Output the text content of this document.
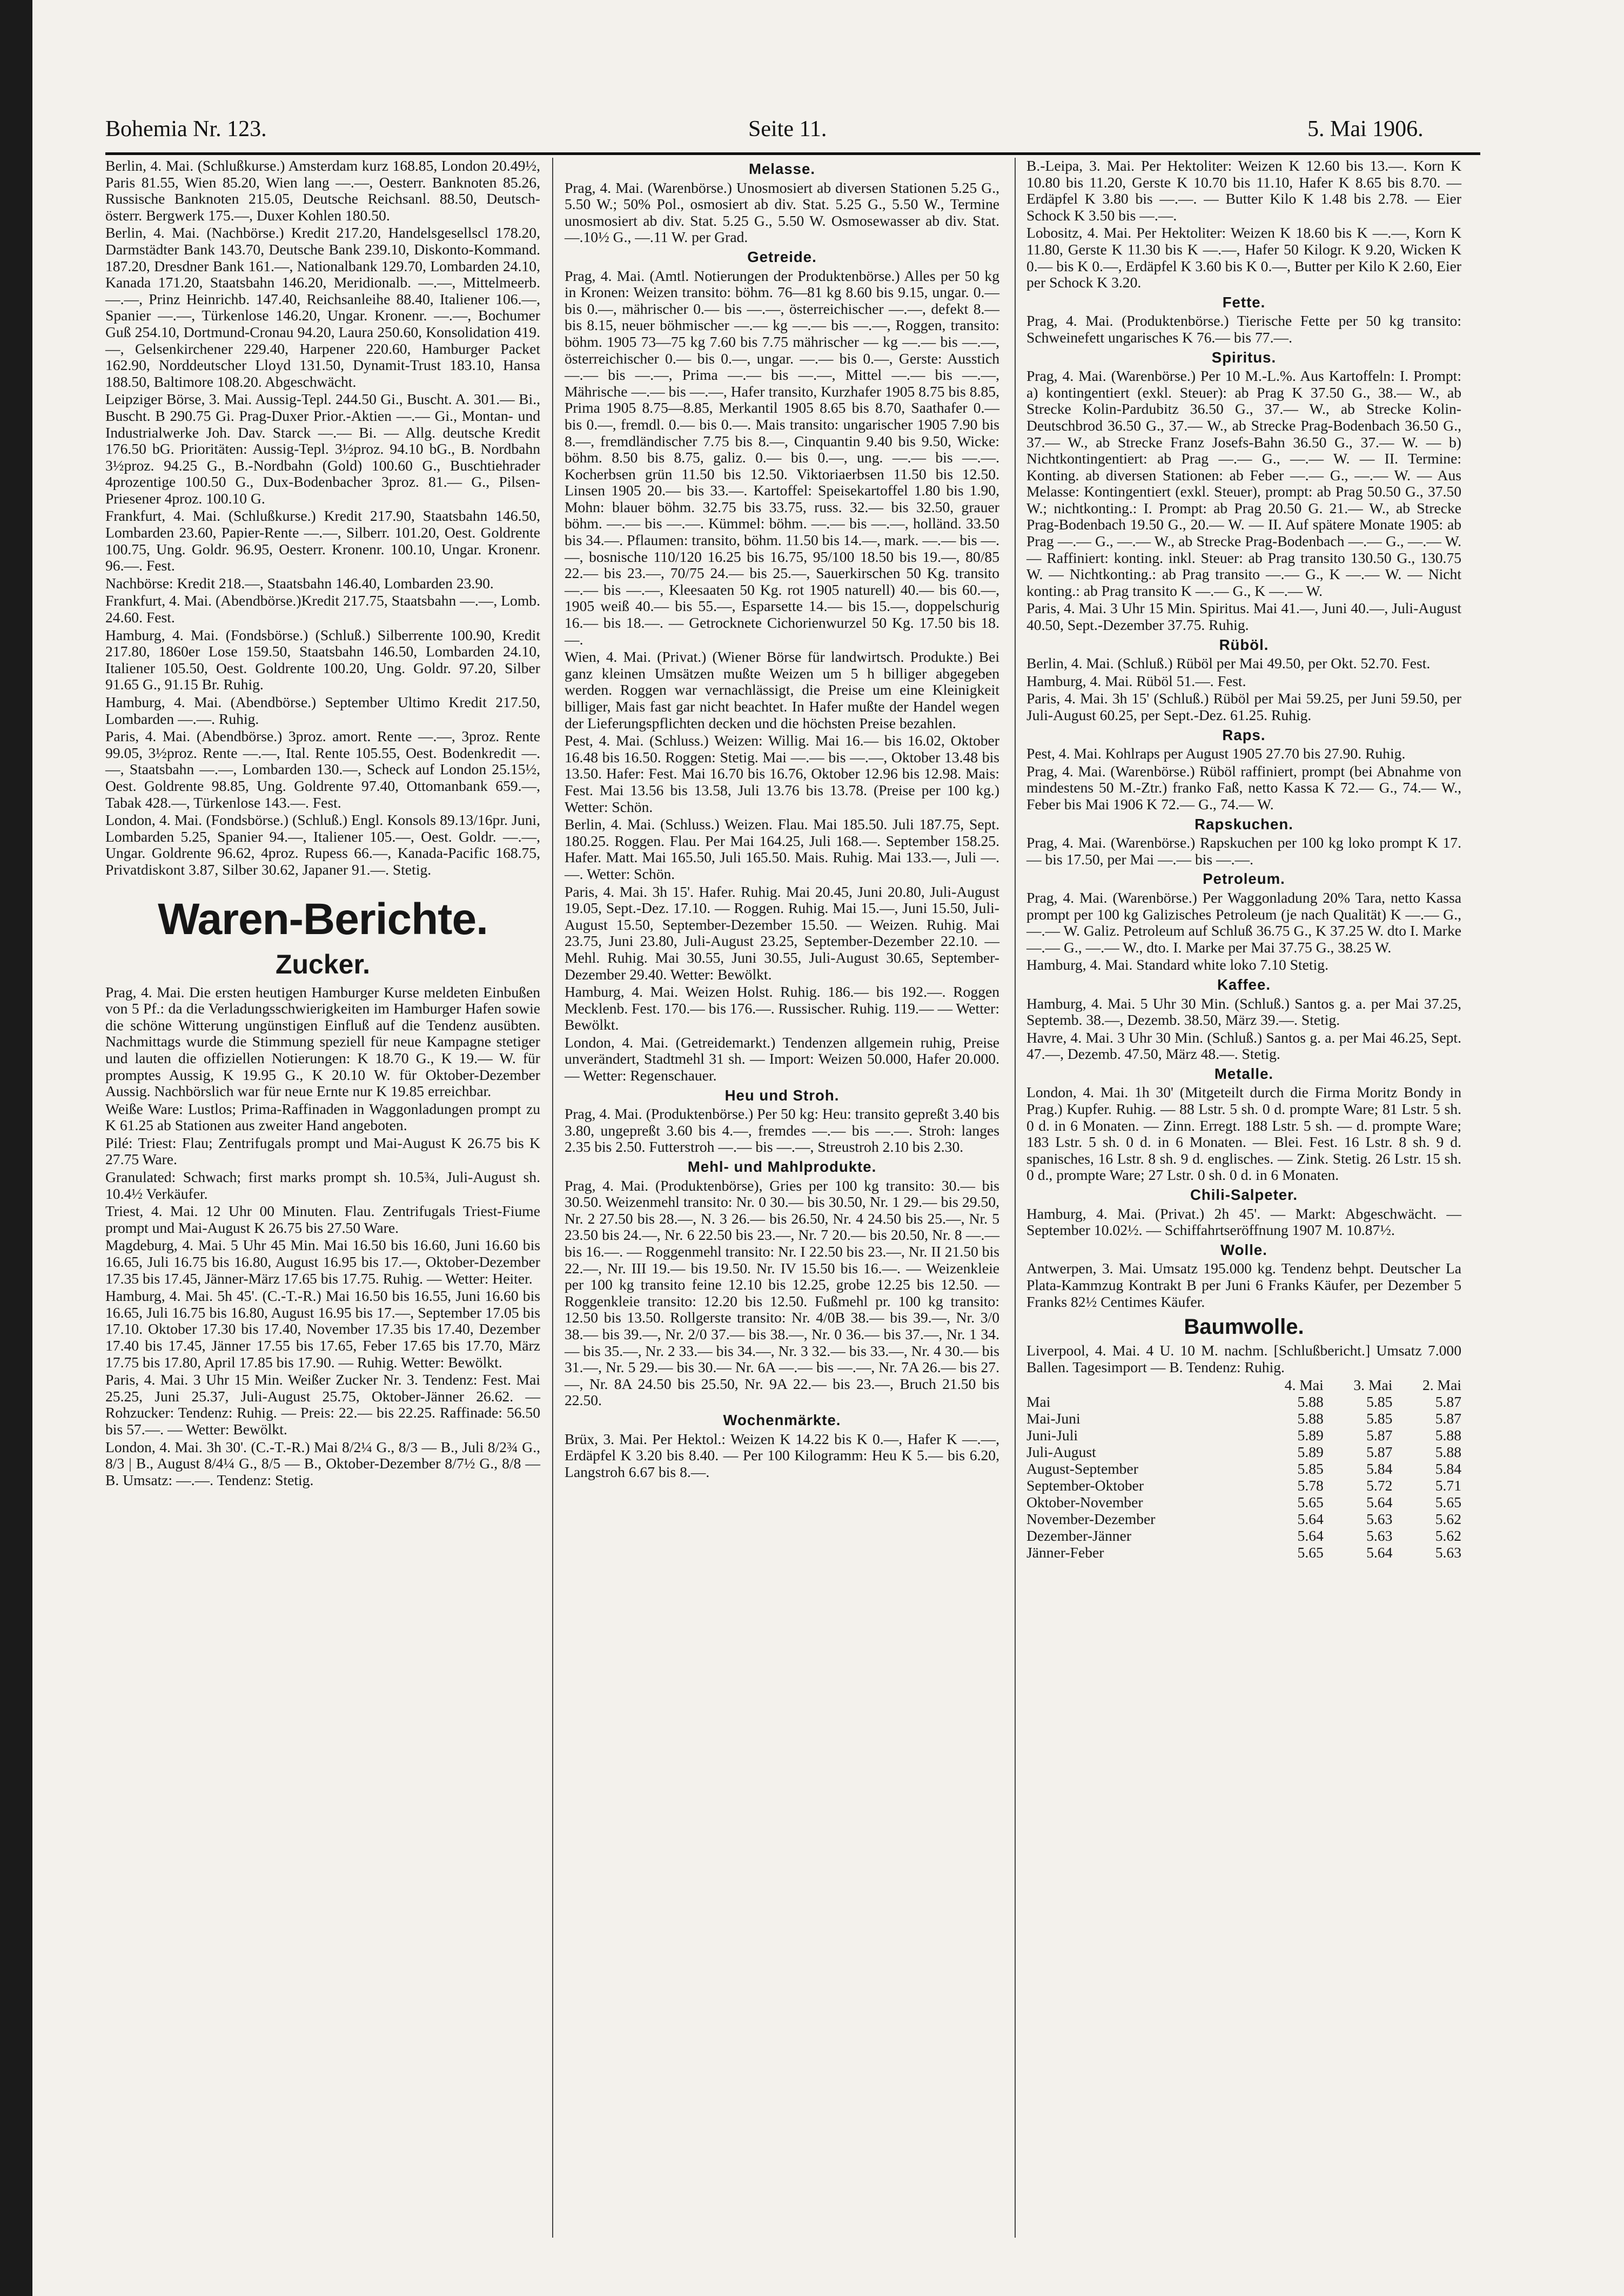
Bohemia Nr. 123.	Seite 11.	5. Mai 1906.

Berlin, 4. Mai. (Schlußkurse.) Amsterdam kurz 168.85, London 20.49½, Paris 81.55, Wien 85.20, Wien lang —.—, Oesterr. Banknoten 85.26, Russische Banknoten 215.05, Deutsche Reichsanl. 88.50, Deutsch-österr. Bergwerk 175.—, Duxer Kohlen 180.50.

Berlin, 4. Mai. (Nachbörse.) Kredit 217.20, Handelsgesellscl 178.20, Darmstädter Bank 143.70, Deutsche Bank 239.10, Diskonto-Kommand. 187.20, Dresdner Bank 161.—, Nationalbank 129.70, Lombarden 24.10, Kanada 171.20, Staatsbahn 146.20, Meridionalb. —.—, Mittelmeerb. —.—, Prinz Heinrichb. 147.40, Reichsanleihe 88.40, Italiener 106.—, Spanier —.—, Türkenlose 146.20, Ungar. Kronenr. —.—, Bochumer Guß 254.10, Dortmund-Cronau 94.20, Laura 250.60, Konsolidation 419.—, Gelsenkirchener 229.40, Harpener 220.60, Hamburger Packet 162.90, Norddeutscher Lloyd 131.50, Dynamit-Trust 183.10, Hansa 188.50, Baltimore 108.20. Abgeschwächt.

Leipziger Börse, 3. Mai. Aussig-Tepl. 244.50 Gi., Buscht. A. 301.— Bi., Buscht. B 290.75 Gi. Prag-Duxer Prior.-Aktien —.— Gi., Montan- und Industrialwerke Joh. Dav. Starck —.— Bi. — Allg. deutsche Kredit 176.50 bG. Prioritäten: Aussig-Tepl. 3½proz. 94.10 bG., B. Nordbahn 3½proz. 94.25 G., B.-Nordbahn (Gold) 100.60 G., Buschtiehrader 4prozentige 100.50 G., Dux-Bodenbacher 3proz. 81.— G., Pilsen-Priesener 4proz. 100.10 G.

Frankfurt, 4. Mai. (Schlußkurse.) Kredit 217.90, Staatsbahn 146.50, Lombarden 23.60, Papier-Rente —.—, Silberr. 101.20, Oest. Goldrente 100.75, Ung. Goldr. 96.95, Oesterr. Kronenr. 100.10, Ungar. Kronenr. 96.—. Fest.

Nachbörse: Kredit 218.—, Staatsbahn 146.40, Lombarden 23.90.

Frankfurt, 4. Mai. (Abendbörse.)Kredit 217.75, Staatsbahn —.—, Lomb. 24.60. Fest.

Hamburg, 4. Mai. (Fondsbörse.) (Schluß.) Silberrente 100.90, Kredit 217.80, 1860er Lose 159.50, Staatsbahn 146.50, Lombarden 24.10, Italiener 105.50, Oest. Goldrente 100.20, Ung. Goldr. 97.20, Silber 91.65 G., 91.15 Br. Ruhig.

Hamburg, 4. Mai. (Abendbörse.) September Ultimo Kredit 217.50, Lombarden —.—. Ruhig.

Paris, 4. Mai. (Abendbörse.) 3proz. amort. Rente —.—, 3proz. Rente 99.05, 3½proz. Rente —.—, Ital. Rente 105.55, Oest. Bodenkredit —.—, Staatsbahn —.—, Lombarden 130.—, Scheck auf London 25.15½, Oest. Goldrente 98.85, Ung. Goldrente 97.40, Ottomanbank 659.—, Tabak 428.—, Türkenlose 143.—. Fest.

London, 4. Mai. (Fondsbörse.) (Schluß.) Engl. Konsols 89.13/16pr. Juni, Lombarden 5.25, Spanier 94.—, Italiener 105.—, Oest. Goldr. —.—, Ungar. Goldrente 96.62, 4proz. Rupess 66.—, Kanada-Pacific 168.75, Privatdiskont 3.87, Silber 30.62, Japaner 91.—. Stetig.

Waren-Berichte.
Zucker.

Prag, 4. Mai. Die ersten heutigen Hamburger Kurse meldeten Einbußen von 5 Pf.: da die Verladungsschwierigkeiten im Hamburger Hafen sowie die schöne Witterung ungünstigen Einfluß auf die Tendenz ausübten. Nachmittags wurde die Stimmung speziell für neue Kampagne stetiger und lauten die offiziellen Notierungen: K 18.70 G., K 19.— W. für promptes Aussig, K 19.95 G., K 20.10 W. für Oktober-Dezember Aussig. Nachbörslich war für neue Ernte nur K 19.85 erreichbar.

Weiße Ware: Lustlos; Prima-Raffinaden in Waggonladungen prompt zu K 61.25 ab Stationen aus zweiter Hand angeboten.

Pilé: Triest: Flau; Zentrifugals prompt und Mai-August K 26.75 bis K 27.75 Ware.

Granulated: Schwach; first marks prompt sh. 10.5¾, Juli-August sh. 10.4½ Verkäufer.

Triest, 4. Mai. 12 Uhr 00 Minuten. Flau. Zentrifugals Triest-Fiume prompt und Mai-August K 26.75 bis 27.50 Ware.

Magdeburg, 4. Mai. 5 Uhr 45 Min. Mai 16.50 bis 16.60, Juni 16.60 bis 16.65, Juli 16.75 bis 16.80, August 16.95 bis 17.—, Oktober-Dezember 17.35 bis 17.45, Jänner-März 17.65 bis 17.75. Ruhig. — Wetter: Heiter.

Hamburg, 4. Mai. 5h 45'. (C.-T.-R.) Mai 16.50 bis 16.55, Juni 16.60 bis 16.65, Juli 16.75 bis 16.80, August 16.95 bis 17.—, September 17.05 bis 17.10. Oktober 17.30 bis 17.40, November 17.35 bis 17.40, Dezember 17.40 bis 17.45, Jänner 17.55 bis 17.65, Feber 17.65 bis 17.70, März 17.75 bis 17.80, April 17.85 bis 17.90. — Ruhig. Wetter: Bewölkt.

Paris, 4. Mai. 3 Uhr 15 Min. Weißer Zucker Nr. 3. Tendenz: Fest. Mai 25.25, Juni 25.37, Juli-August 25.75, Oktober-Jänner 26.62. — Rohzucker: Tendenz: Ruhig. — Preis: 22.— bis 22.25. Raffinade: 56.50 bis 57.—. — Wetter: Bewölkt.

London, 4. Mai. 3h 30'. (C.-T.-R.) Mai 8/2¼ G., 8/3 — B., Juli 8/2¾ G., 8/3 | B., August 8/4¼ G., 8/5 — B., Oktober-Dezember 8/7½ G., 8/8 — B. Umsatz: —.—. Tendenz: Stetig.

Melasse.

Prag, 4. Mai. (Warenbörse.) Unosmosiert ab diversen Stationen 5.25 G., 5.50 W.; 50% Pol., osmosiert ab div. Stat. 5.25 G., 5.50 W., Termine unosmosiert ab div. Stat. 5.25 G., 5.50 W. Osmosewasser ab div. Stat. —.10½ G., —.11 W. per Grad.

Getreide.

Prag, 4. Mai. (Amtl. Notierungen der Produktenbörse.) Alles per 50 kg in Kronen: Weizen transito: böhm. 76—81 kg 8.60 bis 9.15, ungar. 0.— bis 0.—, mährischer 0.— bis —.—, österreichischer —.—, defekt 8.— bis 8.15, neuer böhmischer —.— kg —.— bis —.—, Roggen, transito: böhm. 1905 73—75 kg 7.60 bis 7.75 mährischer — kg —.— bis —.—, österreichischer 0.— bis 0.—, ungar. —.— bis 0.—, Gerste: Ausstich —.— bis —.—, Prima —.— bis —.—, Mittel —.— bis —.—, Mährische —.— bis —.—, Hafer transito, Kurzhafer 1905 8.75 bis 8.85, Prima 1905 8.75—8.85, Merkantil 1905 8.65 bis 8.70, Saathafer 0.— bis 0.—, fremdl. 0.— bis 0.—. Mais transito: ungarischer 1905 7.90 bis 8.—, fremdländischer 7.75 bis 8.—, Cinquantin 9.40 bis 9.50, Wicke: böhm. 8.50 bis 8.75, galiz. 0.— bis 0.—, ung. —.— bis —.—. Kocherbsen grün 11.50 bis 12.50. Viktoriaerbsen 11.50 bis 12.50. Linsen 1905 20.— bis 33.—. Kartoffel: Speisekartoffel 1.80 bis 1.90, Mohn: blauer böhm. 32.75 bis 33.75, russ. 32.— bis 32.50, grauer böhm. —.— bis —.—. Kümmel: böhm. —.— bis —.—, holländ. 33.50 bis 34.—. Pflaumen: transito, böhm. 11.50 bis 14.—, mark. —.— bis —.—, bosnische 110/120 16.25 bis 16.75, 95/100 18.50 bis 19.—, 80/85 22.— bis 23.—, 70/75 24.— bis 25.—, Sauerkirschen 50 Kg. transito —.— bis —.—, Kleesaaten 50 Kg. rot 1905 naturell) 40.— bis 60.—, 1905 weiß 40.— bis 55.—, Esparsette 14.— bis 15.—, doppelschurig 16.— bis 18.—. — Getrocknete Cichorienwurzel 50 Kg. 17.50 bis 18.—.

Wien, 4. Mai. (Privat.) (Wiener Börse für landwirtsch. Produkte.) Bei ganz kleinen Umsätzen mußte Weizen um 5 h billiger abgegeben werden. Roggen war vernachlässigt, die Preise um eine Kleinigkeit billiger, Mais fast gar nicht beachtet. In Hafer mußte der Handel wegen der Lieferungspflichten decken und die höchsten Preise bezahlen.

Pest, 4. Mai. (Schluss.) Weizen: Willig. Mai 16.— bis 16.02, Oktober 16.48 bis 16.50. Roggen: Stetig. Mai —.— bis —.—, Oktober 13.48 bis 13.50. Hafer: Fest. Mai 16.70 bis 16.76, Oktober 12.96 bis 12.98. Mais: Fest. Mai 13.56 bis 13.58, Juli 13.76 bis 13.78. (Preise per 100 kg.) Wetter: Schön.

Berlin, 4. Mai. (Schluss.) Weizen. Flau. Mai 185.50. Juli 187.75, Sept. 180.25. Roggen. Flau. Per Mai 164.25, Juli 168.—. September 158.25. Hafer. Matt. Mai 165.50, Juli 165.50. Mais. Ruhig. Mai 133.—, Juli —.—. Wetter: Schön.

Paris, 4. Mai. 3h 15'. Hafer. Ruhig. Mai 20.45, Juni 20.80, Juli-August 19.05, Sept.-Dez. 17.10. — Roggen. Ruhig. Mai 15.—, Juni 15.50, Juli-August 15.50, September-Dezember 15.50. — Weizen. Ruhig. Mai 23.75, Juni 23.80, Juli-August 23.25, September-Dezember 22.10. — Mehl. Ruhig. Mai 30.55, Juni 30.55, Juli-August 30.65, September-Dezember 29.40. Wetter: Bewölkt.

Hamburg, 4. Mai. Weizen Holst. Ruhig. 186.— bis 192.—. Roggen Mecklenb. Fest. 170.— bis 176.—. Russischer. Ruhig. 119.— — Wetter: Bewölkt.

London, 4. Mai. (Getreidemarkt.) Tendenzen allgemein ruhig, Preise unverändert, Stadtmehl 31 sh. — Import: Weizen 50.000, Hafer 20.000. — Wetter: Regenschauer.

Heu und Stroh.

Prag, 4. Mai. (Produktenbörse.) Per 50 kg: Heu: transito gepreßt 3.40 bis 3.80, ungepreßt 3.60 bis 4.—, fremdes —.— bis —.—. Stroh: langes 2.35 bis 2.50. Futterstroh —.— bis —.—, Streustroh 2.10 bis 2.30.

Mehl- und Mahlprodukte.

Prag, 4. Mai. (Produktenbörse), Gries per 100 kg transito: 30.— bis 30.50. Weizenmehl transito: Nr. 0 30.— bis 30.50, Nr. 1 29.— bis 29.50, Nr. 2 27.50 bis 28.—, N. 3 26.— bis 26.50, Nr. 4 24.50 bis 25.—, Nr. 5 23.50 bis 24.—, Nr. 6 22.50 bis 23.—, Nr. 7 20.— bis 20.50, Nr. 8 —.— bis 16.—. — Roggenmehl transito: Nr. I 22.50 bis 23.—, Nr. II 21.50 bis 22.—, Nr. III 19.— bis 19.50. Nr. IV 15.50 bis 16.—. — Weizenkleie per 100 kg transito feine 12.10 bis 12.25, grobe 12.25 bis 12.50. — Roggenkleie transito: 12.20 bis 12.50. Fußmehl pr. 100 kg transito: 12.50 bis 13.50. Rollgerste transito: Nr. 4/0B 38.— bis 39.—, Nr. 3/0 38.— bis 39.—, Nr. 2/0 37.— bis 38.—, Nr. 0 36.— bis 37.—, Nr. 1 34.— bis 35.—, Nr. 2 33.— bis 34.—, Nr. 3 32.— bis 33.—, Nr. 4 30.— bis 31.—, Nr. 5 29.— bis 30.— Nr. 6A —.— bis —.—, Nr. 7A 26.— bis 27.—, Nr. 8A 24.50 bis 25.50, Nr. 9A 22.— bis 23.—, Bruch 21.50 bis 22.50.

Wochenmärkte.

Brüx, 3. Mai. Per Hektol.: Weizen K 14.22 bis K 0.—, Hafer K —.—, Erdäpfel K 3.20 bis 8.40. — Per 100 Kilogramm: Heu K 5.— bis 6.20, Langstroh 6.67 bis 8.—.

B.-Leipa, 3. Mai. Per Hektoliter: Weizen K 12.60 bis 13.—. Korn K 10.80 bis 11.20, Gerste K 10.70 bis 11.10, Hafer K 8.65 bis 8.70. — Erdäpfel K 3.80 bis —.—. — Butter Kilo K 1.48 bis 2.78. — Eier Schock K 3.50 bis —.—.

Lobositz, 4. Mai. Per Hektoliter: Weizen K 18.60 bis K —.—, Korn K 11.80, Gerste K 11.30 bis K —.—, Hafer 50 Kilogr. K 9.20, Wicken K 0.— bis K 0.—, Erdäpfel K 3.60 bis K 0.—, Butter per Kilo K 2.60, Eier per Schock K 3.20.

Fette.

Prag, 4. Mai. (Produktenbörse.) Tierische Fette per 50 kg transito: Schweinefett ungarisches K 76.— bis 77.—.

Spiritus.

Prag, 4. Mai. (Warenbörse.) Per 10 M.-L.%. Aus Kartoffeln: I. Prompt: a) kontingentiert (exkl. Steuer): ab Prag K 37.50 G., 38.— W., ab Strecke Kolin-Pardubitz 36.50 G., 37.— W., ab Strecke Kolin-Deutschbrod 36.50 G., 37.— W., ab Strecke Prag-Bodenbach 36.50 G., 37.— W., ab Strecke Franz Josefs-Bahn 36.50 G., 37.— W. — b) Nichtkontingentiert: ab Prag —.— G., —.— W. — II. Termine: Konting. ab diversen Stationen: ab Feber —.— G., —.— W. — Aus Melasse: Kontingentiert (exkl. Steuer), prompt: ab Prag 50.50 G., 37.50 W.; nichtkonting.: I. Prompt: ab Prag 20.50 G. 21.— W., ab Strecke Prag-Bodenbach 19.50 G., 20.— W. — II. Auf spätere Monate 1905: ab Prag —.— G., —.— W., ab Strecke Prag-Bodenbach —.— G., —.— W. — Raffiniert: konting. inkl. Steuer: ab Prag transito 130.50 G., 130.75 W. — Nichtkonting.: ab Prag transito —.— G., K —.— W. — Nicht konting.: ab Prag transito K —.— G., K —.— W.

Paris, 4. Mai. 3 Uhr 15 Min. Spiritus. Mai 41.—, Juni 40.—, Juli-August 40.50, Sept.-Dezember 37.75. Ruhig.

Rüböl.

Berlin, 4. Mai. (Schluß.) Rüböl per Mai 49.50, per Okt. 52.70. Fest.

Hamburg, 4. Mai. Rüböl 51.—. Fest.

Paris, 4. Mai. 3h 15' (Schluß.) Rüböl per Mai 59.25, per Juni 59.50, per Juli-August 60.25, per Sept.-Dez. 61.25. Ruhig.

Raps.

Pest, 4. Mai. Kohlraps per August 1905 27.70 bis 27.90. Ruhig.

Prag, 4. Mai. (Warenbörse.) Rüböl raffiniert, prompt (bei Abnahme von mindestens 50 M.-Ztr.) franko Faß, netto Kassa K 72.— G., 74.— W., Feber bis Mai 1906 K 72.— G., 74.— W.

Rapskuchen.

Prag, 4. Mai. (Warenbörse.) Rapskuchen per 100 kg loko prompt K 17.— bis 17.50, per Mai —.— bis —.—.

Petroleum.

Prag, 4. Mai. (Warenbörse.) Per Waggonladung 20% Tara, netto Kassa prompt per 100 kg Galizisches Petroleum (je nach Qualität) K —.— G., —.— W. Galiz. Petroleum auf Schluß 36.75 G., K 37.25 W. dto I. Marke —.— G., —.— W., dto. I. Marke per Mai 37.75 G., 38.25 W.

Hamburg, 4. Mai. Standard white loko 7.10 Stetig.

Kaffee.

Hamburg, 4. Mai. 5 Uhr 30 Min. (Schluß.) Santos g. a. per Mai 37.25, Septemb. 38.—, Dezemb. 38.50, März 39.—. Stetig.

Havre, 4. Mai. 3 Uhr 30 Min. (Schluß.) Santos g. a. per Mai 46.25, Sept. 47.—, Dezemb. 47.50, März 48.—. Stetig.

Metalle.

London, 4. Mai. 1h 30' (Mitgeteilt durch die Firma Moritz Bondy in Prag.) Kupfer. Ruhig. — 88 Lstr. 5 sh. 0 d. prompte Ware; 81 Lstr. 5 sh. 0 d. in 6 Monaten. — Zinn. Erregt. 188 Lstr. 5 sh. — d. prompte Ware; 183 Lstr. 5 sh. 0 d. in 6 Monaten. — Blei. Fest. 16 Lstr. 8 sh. 9 d. spanisches, 16 Lstr. 8 sh. 9 d. englisches. — Zink. Stetig. 26 Lstr. 15 sh. 0 d., prompte Ware; 27 Lstr. 0 sh. 0 d. in 6 Monaten.

Chili-Salpeter.

Hamburg, 4. Mai. (Privat.) 2h 45'. — Markt: Abgeschwächt. — September 10.02½. — Schiffahrtseröffnung 1907 M. 10.87½.

Wolle.

Antwerpen, 3. Mai. Umsatz 195.000 kg. Tendenz behpt. Deutscher La Plata-Kammzug Kontrakt B per Juni 6 Franks Käufer, per Dezember 5 Franks 82½ Centimes Käufer.

Baumwolle.

Liverpool, 4. Mai. 4 U. 10 M. nachm. [Schlußbericht.] Umsatz 7.000 Ballen. Tagesimport — B. Tendenz: Ruhig.

	4. Mai	3. Mai	2. Mai
Mai	5.88	5.85	5.87
Mai-Juni	5.88	5.85	5.87
Juni-Juli	5.89	5.87	5.88
Juli-August	5.89	5.87	5.88
August-September	5.85	5.84	5.84
September-Oktober	5.78	5.72	5.71
Oktober-November	5.65	5.64	5.65
November-Dezember	5.64	5.63	5.62
Dezember-Jänner	5.64	5.63	5.62
Jänner-Feber	5.65	5.64	5.63
